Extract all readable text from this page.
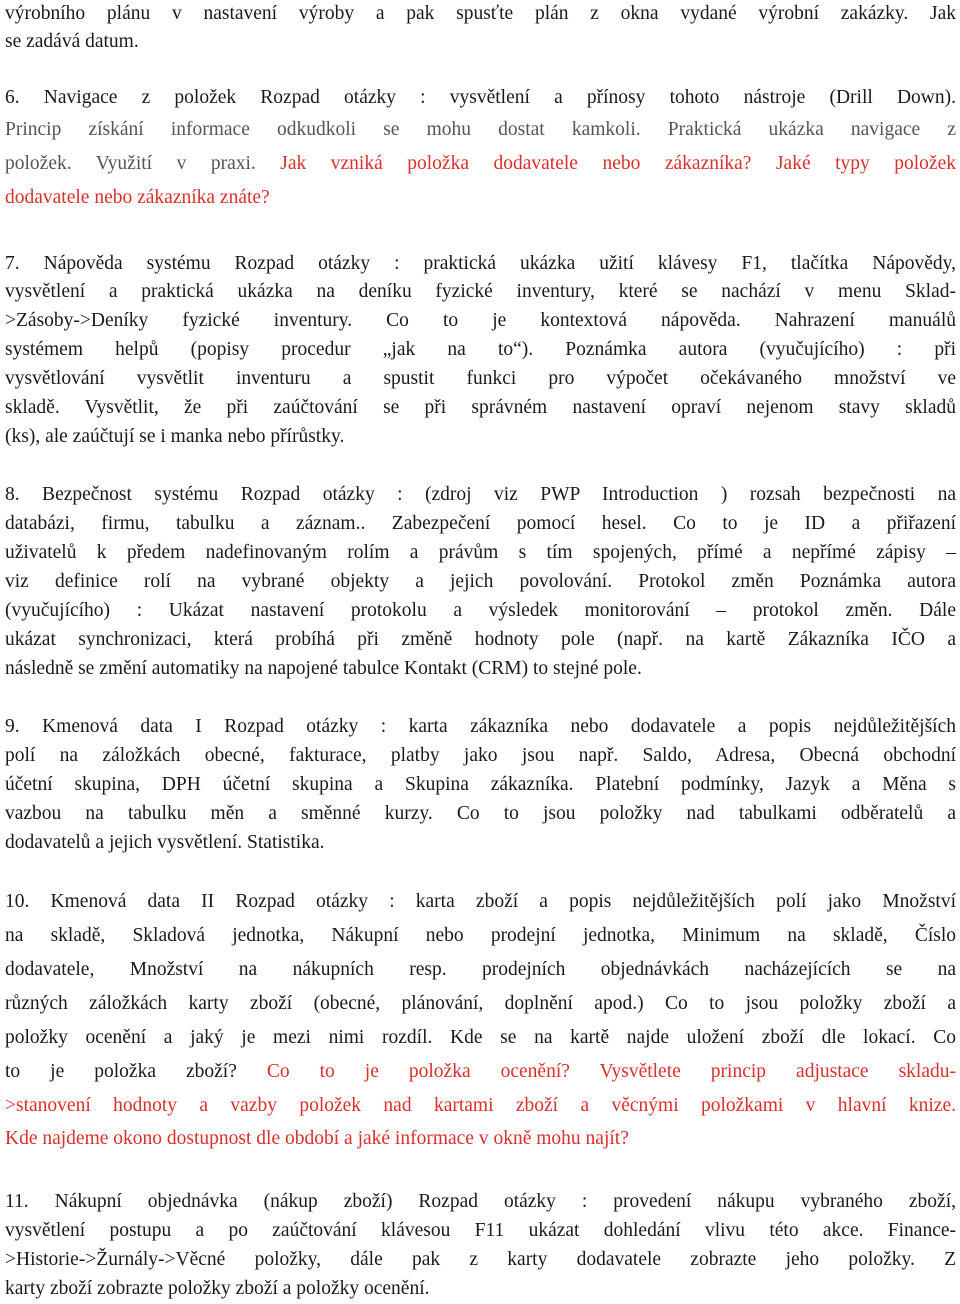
výrobního plánu v nastavení výroby a pak spusťte plán z okna vydané výrobní zakázky. Jak
se zadává datum.
6. Navigace z položek Rozpad otázky : vysvětlení a přínosy tohoto nástroje (Drill Down).
Princip získání informace odkudkoli se mohu dostat kamkoli. Praktická ukázka navigace z
položek. Využití v praxi. Jak vzniká položka dodavatele nebo zákazníka? Jaké typy položek
dodavatele nebo zákazníka znáte?
7. Nápověda systému Rozpad otázky : praktická ukázka užití klávesy F1, tlačítka Nápovědy,
vysvětlení a praktická ukázka na deníku fyzické inventury, které se nachází v menu Sklad-
>Zásoby->Deníky fyzické inventury. Co to je kontextová nápověda. Nahrazení manuálů
systémem helpů (popisy procedur „jak na to“). Poznámka autora (vyučujícího) : při
vysvětlování vysvětlit inventuru a spustit funkci pro výpočet očekávaného množství ve
skladě. Vysvětlit, že při zaúčtování se při správném nastavení opraví nejenom stavy skladů
(ks), ale zaúčtují se i manka nebo přírůstky.
8. Bezpečnost systému Rozpad otázky : (zdroj viz PWP Introduction ) rozsah bezpečnosti na
databázi, firmu, tabulku a záznam.. Zabezpečení pomocí hesel. Co to je ID a přiřazení
uživatelů k předem nadefinovaným rolím a právům s tím spojených, přímé a nepřímé zápisy –
viz definice rolí na vybrané objekty a jejich povolování. Protokol změn Poznámka autora
(vyučujícího) : Ukázat nastavení protokolu a výsledek monitorování – protokol změn. Dále
ukázat synchronizaci, která probíhá při změně hodnoty pole (např. na kartě Zákazníka IČO a
následně se změní automatiky na napojené tabulce Kontakt (CRM) to stejné pole.
9. Kmenová data I Rozpad otázky : karta zákazníka nebo dodavatele a popis nejdůležitějších
polí na záložkách obecné, fakturace, platby jako jsou např. Saldo, Adresa, Obecná obchodní
účetní skupina, DPH účetní skupina a Skupina zákazníka. Platební podmínky, Jazyk a Měna s
vazbou na tabulku měn a směnné kurzy. Co to jsou položky nad tabulkami odběratelů a
dodavatelů a jejich vysvětlení. Statistika.
10. Kmenová data II Rozpad otázky : karta zboží a popis nejdůležitějších polí jako Množství
na skladě, Skladová jednotka, Nákupní nebo prodejní jednotka, Minimum na skladě, Číslo
dodavatele, Množství na nákupních resp. prodejních objednávkách nacházejících se na
různých záložkách karty zboží (obecné, plánování, doplnění apod.) Co to jsou položky zboží a
položky ocenění a jaký je mezi nimi rozdíl. Kde se na kartě najde uložení zboží dle lokací. Co
to je položka zboží? Co to je položka ocenění? Vysvětlete princip adjustace skladu-
>stanovení hodnoty a vazby položek nad kartami zboží a věcnými položkami v hlavní knize.
Kde najdeme okono dostupnost dle období a jaké informace v okně mohu najít?
11. Nákupní objednávka (nákup zboží) Rozpad otázky : provedení nákupu vybraného zboží,
vysvětlení postupu a po zaúčtování klávesou F11 ukázat dohledání vlivu této akce. Finance-
>Historie->Žurnály->Věcné položky, dále pak z karty dodavatele zobrazte jeho položky. Z
karty zboží zobrazte položky zboží a položky ocenění.
